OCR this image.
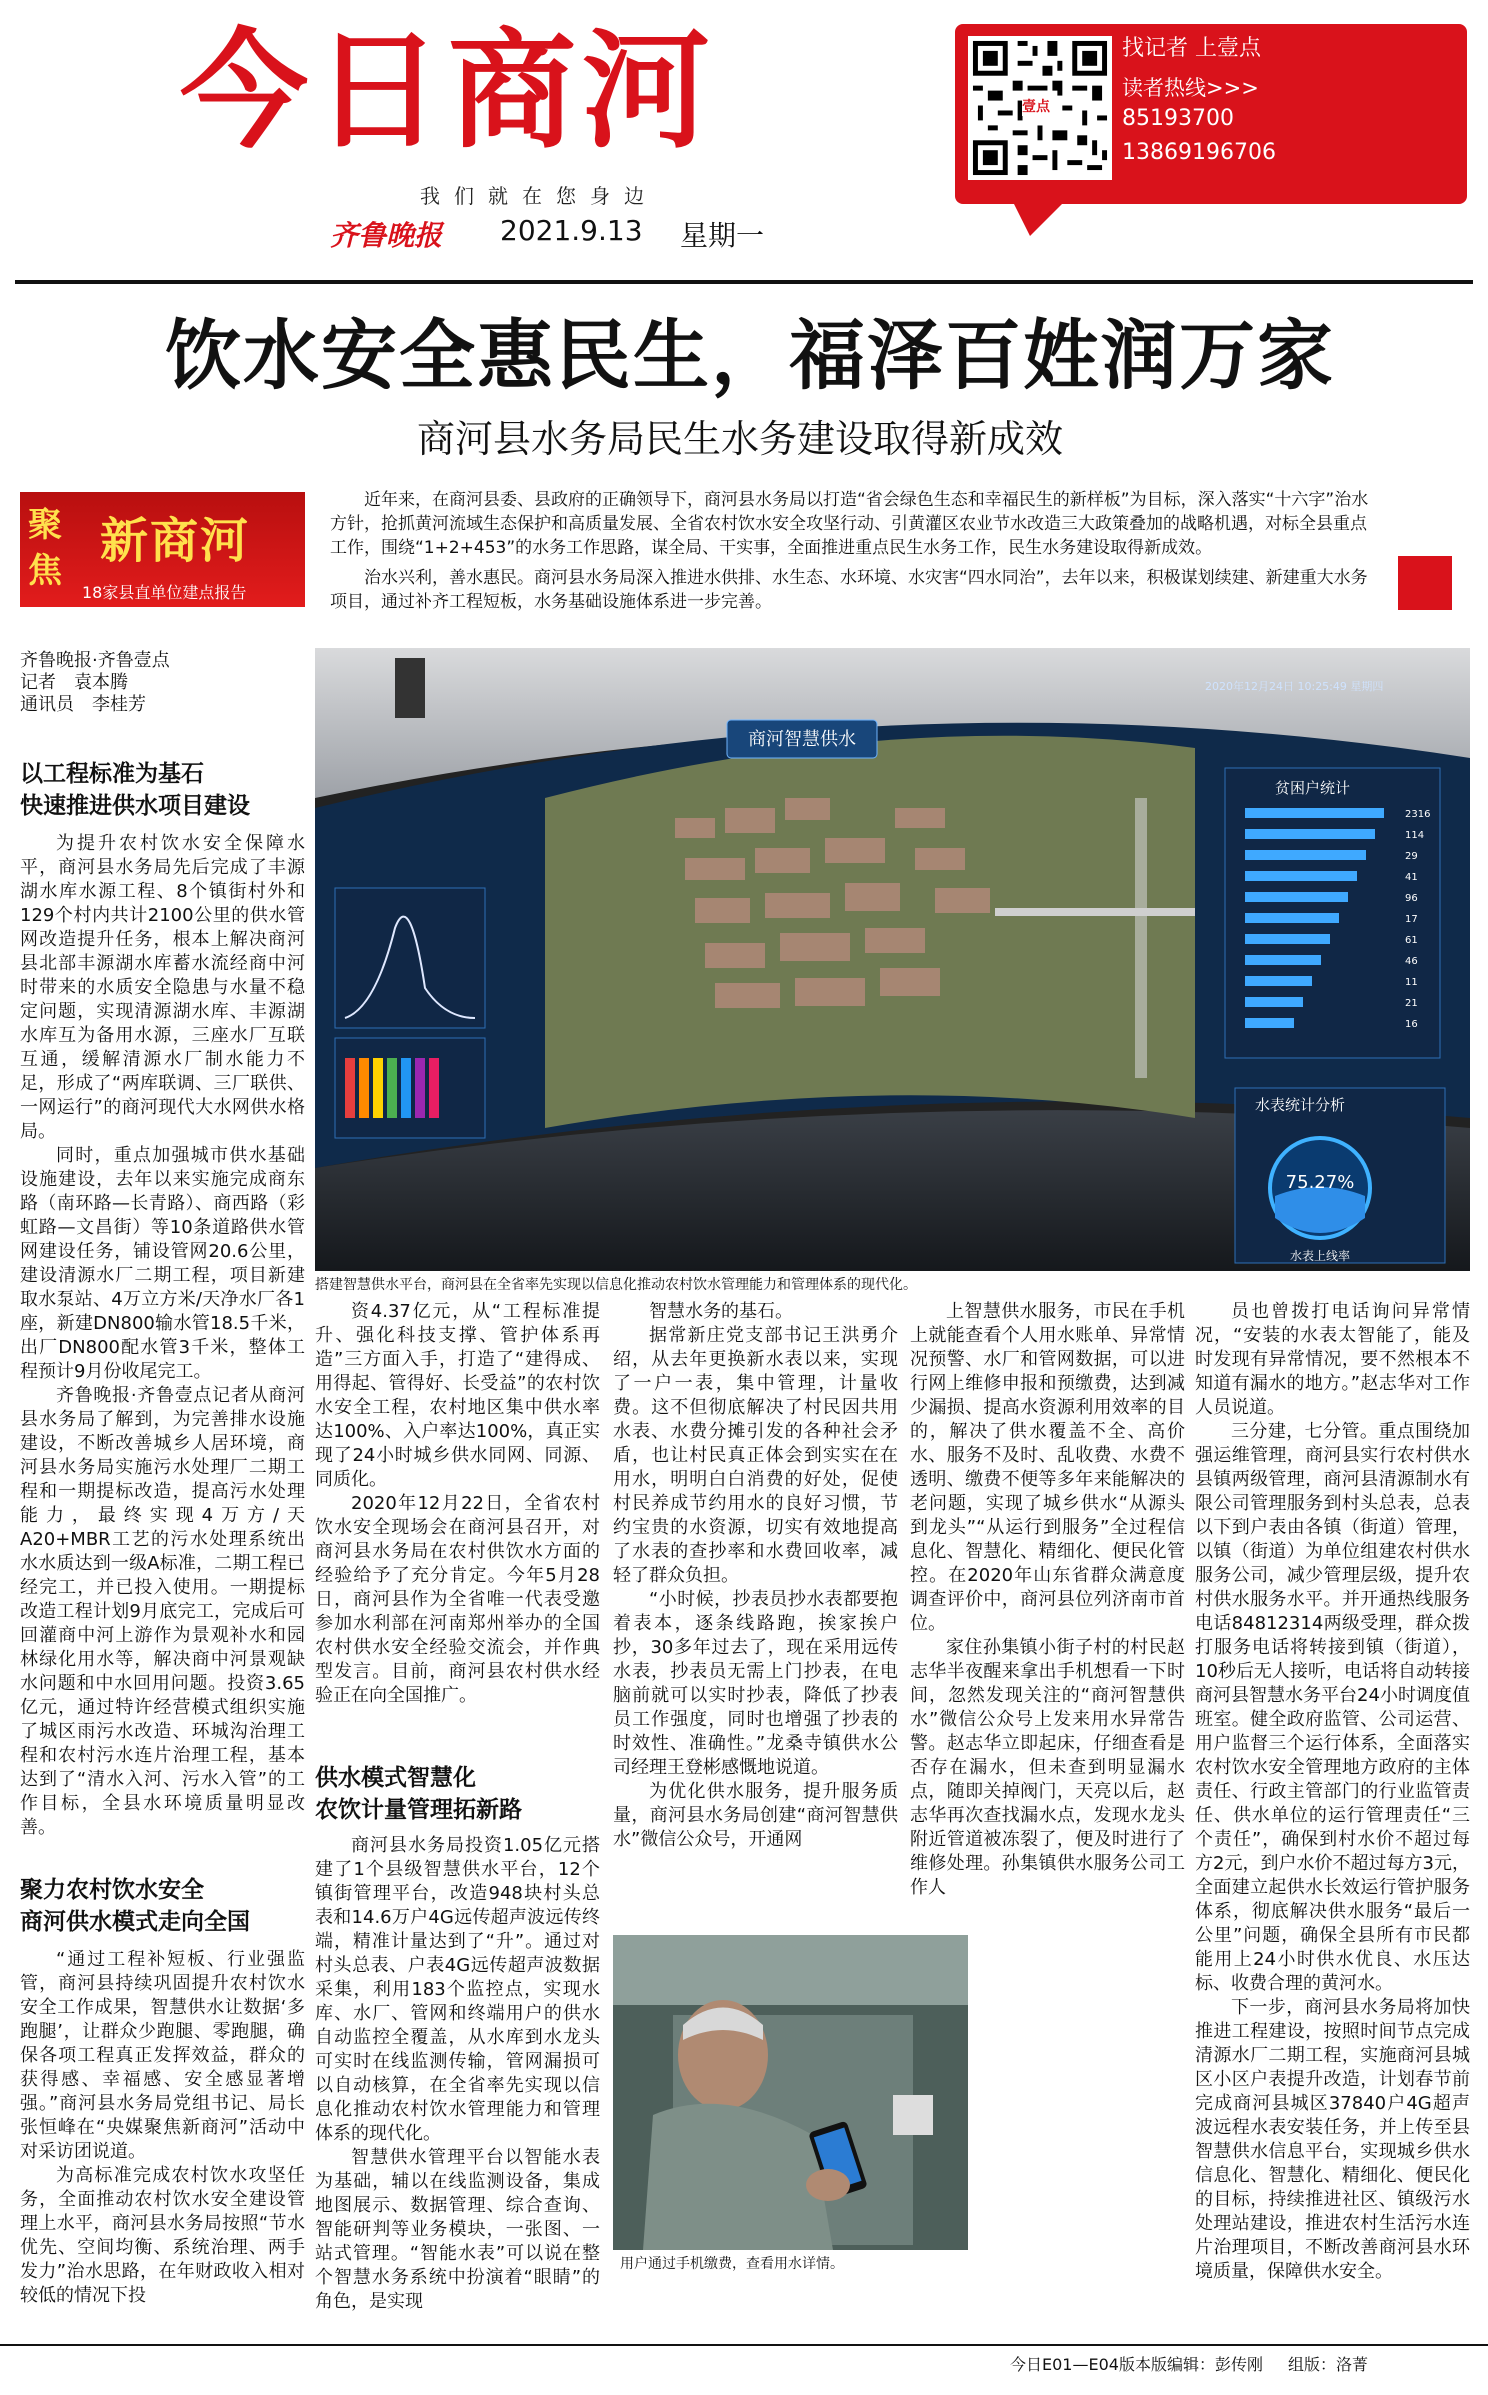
今日商河
我们就在您身边
齐鲁晚报 2021.9.13 星期一
壹点
找记者 上壹点
读者热线>>>
85193700
13869196706
饮水安全惠民生，福泽百姓润万家
商河县水务局民生水务建设取得新成效
聚焦
新商河
18家县直单位建点报告

近年来，在商河县委、县政府的正确领导下，商河县水务局以打造“省会绿色生态和幸福民生的新样板”为目标，深入落实“十六字”治水方针，抢抓黄河流域生态保护和高质量发展、全省农村饮水安全攻坚行动、引黄灌区农业节水改造三大政策叠加的战略机遇，对标全县重点工作，围绕“1+2+453”的水务工作思路，谋全局、干实事，全面推进重点民生水务工作，民生水务建设取得新成效。

治水兴利，善水惠民。商河县水务局深入推进水供排、水生态、水环境、水灾害“四水同治”，去年以来，积极谋划续建、新建重大水务项目，通过补齐工程短板，水务基础设施体系进一步完善。

齐鲁晚报·齐鲁壹点
记者　袁本腾
通讯员　李桂芳
以工程标准为基石
快速推进供水项目建设

为提升农村饮水安全保障水平，商河县水务局先后完成了丰源湖水库水源工程、8个镇街村外和129个村内共计2100公里的供水管网改造提升任务，根本上解决商河县北部丰源湖水库蓄水流经商中河时带来的水质安全隐患与水量不稳定问题，实现清源湖水库、丰源湖水库互为备用水源，三座水厂互联互通，缓解清源水厂制水能力不足，形成了“两库联调、三厂联供、一网运行”的商河现代大水网供水格局。

同时，重点加强城市供水基础设施建设，去年以来实施完成商东路（南环路—长青路）、商西路（彩虹路—文昌街）等10条道路供水管网建设任务，铺设管网20.6公里，建设清源水厂二期工程，项目新建取水泵站、4万立方米/天净水厂各1座，新建DN800输水管18.5千米，出厂DN800配水管3千米，整体工程预计9月份收尾完工。

齐鲁晚报·齐鲁壹点记者从商河县水务局了解到，为完善排水设施建设，不断改善城乡人居环境，商河县水务局实施污水处理厂二期工程和一期提标改造，提高污水处理能力，最终实现4万方/天A20+MBR工艺的污水处理系统出水水质达到一级A标准，二期工程已经完工，并已投入使用。一期提标改造工程计划9月底完工，完成后可回灌商中河上游作为景观补水和园林绿化用水等，解决商中河景观缺水问题和中水回用问题。投资3.65亿元，通过特许经营模式组织实施了城区雨污水改造、环城沟治理工程和农村污水连片治理工程，基本达到了“清水入河、污水入管”的工作目标，全县水环境质量明显改善。

聚力农村饮水安全
商河供水模式走向全国

“通过工程补短板、行业强监管，商河县持续巩固提升农村饮水安全工作成果，智慧供水让数据‘多跑腿’，让群众少跑腿、零跑腿，确保各项工程真正发挥效益，群众的获得感、幸福感、安全感显著增强。”商河县水务局党组书记、局长张恒峰在“央媒聚焦新商河”活动中对采访团说道。

为高标准完成农村饮水攻坚任务，全面推动农村饮水安全建设管理上水平，商河县水务局按照“节水优先、空间均衡、系统治理、两手发力”治水思路，在年财政收入相对较低的情况下投

商河智慧供水
2020年12月24日 10:25:49 星期四
贫困户统计
2316
114
29
41
96
17
61
46
11
21
16
水表统计分析
75.27%
水表上线率
搭建智慧供水平台，商河县在全省率先实现以信息化推动农村饮水管理能力和管理体系的现代化。

资4.37亿元，从“工程标准提升、强化科技支撑、管护体系再造”三方面入手，打造了“建得成、用得起、管得好、长受益”的农村饮水安全工程，农村地区集中供水率达100%、入户率达100%，真正实现了24小时城乡供水同网、同源、同质化。

2020年12月22日，全省农村饮水安全现场会在商河县召开，对商河县水务局在农村供饮水方面的经验给予了充分肯定。今年5月28日，商河县作为全省唯一代表受邀参加水利部在河南郑州举办的全国农村供水安全经验交流会，并作典型发言。目前，商河县农村供水经验正在向全国推广。

供水模式智慧化
农饮计量管理拓新路

商河县水务局投资1.05亿元搭建了1个县级智慧供水平台，12个镇街管理平台，改造948块村头总表和14.6万户4G远传超声波远传终端，精准计量达到了“升”。通过对村头总表、户表4G远传超声波数据采集，利用183个监控点，实现水库、水厂、管网和终端用户的供水自动监控全覆盖，从水库到水龙头可实时在线监测传输，管网漏损可以自动核算，在全省率先实现以信息化推动农村饮水管理能力和管理体系的现代化。

智慧供水管理平台以智能水表为基础，辅以在线监测设备，集成地图展示、数据管理、综合查询、智能研判等业务模块，一张图、一站式管理。“智能水表”可以说在整个智慧水务系统中扮演着“眼睛”的角色，是实现

智慧水务的基石。

据常新庄党支部书记王洪勇介绍，从去年更换新水表以来，实现了一户一表，集中管理，计量收费。这不但彻底解决了村民因共用水表、水费分摊引发的各种社会矛盾，也让村民真正体会到实实在在用水，明明白白消费的好处，促使村民养成节约用水的良好习惯，节约宝贵的水资源，切实有效地提高了水表的查抄率和水费回收率，减轻了群众负担。

“小时候，抄表员抄水表都要抱着表本，逐条线路跑，挨家挨户抄，30多年过去了，现在采用远传水表，抄表员无需上门抄表，在电脑前就可以实时抄表，降低了抄表员工作强度，同时也增强了抄表的时效性、准确性。”龙桑寺镇供水公司经理王登彬感慨地说道。

为优化供水服务，提升服务质量，商河县水务局创建“商河智慧供水”微信公众号，开通网

用户通过手机缴费，查看用水详情。

上智慧供水服务，市民在手机上就能查看个人用水账单、异常情况预警、水厂和管网数据，可以进行网上维修申报和预缴费，达到减少漏损、提高水资源利用效率的目的，解决了供水覆盖不全、高价水、服务不及时、乱收费、水费不透明、缴费不便等多年来能解决的老问题，实现了城乡供水“从源头到龙头”“从运行到服务”全过程信息化、智慧化、精细化、便民化管控。在2020年山东省群众满意度调查评价中，商河县位列济南市首位。

家住孙集镇小街子村的村民赵志华半夜醒来拿出手机想看一下时间，忽然发现关注的“商河智慧供水”微信公众号上发来用水异常告警。赵志华立即起床，仔细查看是否存在漏水，但未查到明显漏水点，随即关掉阀门，天亮以后，赵志华再次查找漏水点，发现水龙头附近管道被冻裂了，便及时进行了维修处理。孙集镇供水服务公司工作人

员也曾拨打电话询问异常情况，“安装的水表太智能了，能及时发现有异常情况，要不然根本不知道有漏水的地方。”赵志华对工作人员说道。

三分建，七分管。重点围绕加强运维管理，商河县实行农村供水县镇两级管理，商河县清源制水有限公司管理服务到村头总表，总表以下到户表由各镇（街道）管理，以镇（街道）为单位组建农村供水服务公司，减少管理层级，提升农村供水服务水平。并开通热线服务电话84812314两级受理，群众拨打服务电话将转接到镇（街道），10秒后无人接听，电话将自动转接商河县智慧水务平台24小时调度值班室。健全政府监管、公司运营、用户监督三个运行体系，全面落实农村饮水安全管理地方政府的主体责任、行政主管部门的行业监管责任、供水单位的运行管理责任“三个责任”，确保到村水价不超过每方2元，到户水价不超过每方3元，全面建立起供水长效运行管护服务体系，彻底解决供水服务“最后一公里”问题，确保全县所有市民都能用上24小时供水优良、水压达标、收费合理的黄河水。

下一步，商河县水务局将加快推进工程建设，按照时间节点完成清源水厂二期工程，实施商河县城区小区户表提升改造，计划春节前完成商河县城区37840户4G超声波远程水表安装任务，并上传至县智慧供水信息平台，实现城乡供水信息化、智慧化、精细化、便民化的目标，持续推进社区、镇级污水处理站建设，推进农村生活污水连片治理项目，不断改善商河县水环境质量，保障供水安全。

今日E01—E04版 本版编辑：彭传刚 组版：洛菁
